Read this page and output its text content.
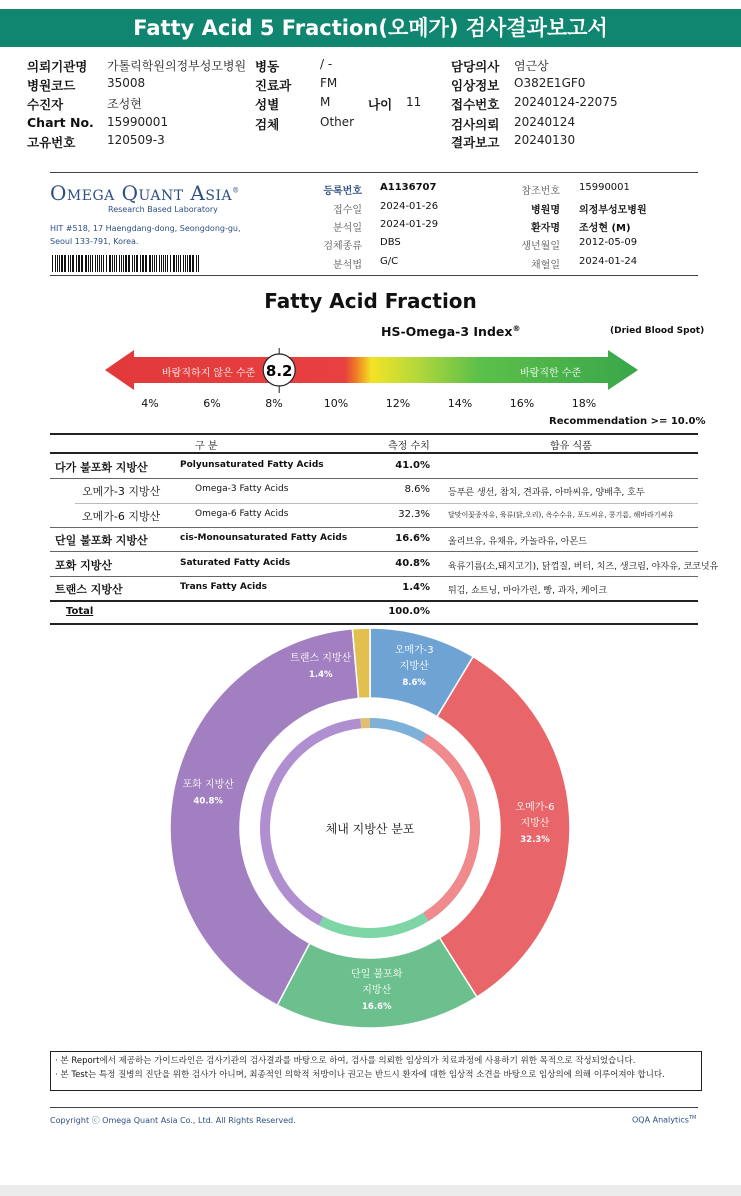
Fatty Acid 5 Fraction(오메가) 검사결과보고서
의뢰기관명 가톨릭학원의정부성모병원
병원코드	35008
수진자	조성현
Chart No. 15990001
고유번호	120509-3
병동	/ -
진료과 FM
성별	M
검체	Other
나이 11
담당의사 염근상
임상정보 O382E1GF0
접수번호 20240124-22075
검사의뢰 20240124
결과보고 20240130
Omega Quant Asia®
Research Based Laboratory
HIT #518, 17 Haengdang-dong, Seongdong-gu,
Seoul 133-791, Korea.
등록번호 A1136707
접수일 2024-01-26
분석일 2024-01-29
검체종류 DBS
분석법 G/C
참조번호 15990001
병원명 의정부성모병원
환자명 조성현 (M)
생년월일 2012-05-09
채혈일 2024-01-24
Fatty Acid Fraction
HS-Omega-3 Index®	(Dried Blood Spot)
8.2
바람직하지 않은 수준	바람직한 수준
4%	6%	8%	10%	12%	14%	16%	18%
Recommendation >= 10.0%
구 분	측정 수치	함유 식품
다가 불포화 지방산	Polyunsaturated Fatty Acids	41.0%
오메가-3 지방산	Omega-3 Fatty Acids	8.6% 등푸른 생선, 참치, 견과류, 아마씨유, 양배추, 호두
오메가-6 지방산	Omega-6 Fatty Acids	32.3%	달맞이꽃종자유, 육류(닭,오리), 옥수수유, 포도씨유, 콩기름, 해바라기씨유
단일 불포화 지방산	cis-Monounsaturated Fatty Acids	16.6% 올리브유, 유채유, 카놀라유, 아몬드
포화 지방산	Saturated Fatty Acids	40.8% 육류기름(소,돼지고기), 닭껍질, 버터, 치즈, 생크림, 야자유, 코코넛유
트랜스 지방산	Trans Fatty Acids	1.4% 튀김, 쇼트닝, 마아가린, 빵, 과자, 케이크
Total	100.0%
오메가-3
지방산
8.6%
오메가-6
지방산
32.3%
단일 불포화
지방산
16.6%
포화 지방산
40.8%
트랜스 지방산
1.4%
체내 지방산 분포
· 본 Report에서 제공하는 가이드라인은 검사기관의 검사결과를 바탕으로 하여, 검사를 의뢰한 임상의가 치료과정에 사용하기 위한 목적으로 작성되었습니다.
· 본 Test는 특정 질병의 진단을 위한 검사가 아니며, 최종적인 의학적 처방이나 권고는 반드시 환자에 대한 임상적 소견을 바탕으로 임상의에 의해 이루어져야 합니다.
Copyright ⓒ Omega Quant Asia Co., Ltd. All Rights Reserved.	OQA Analytics™
